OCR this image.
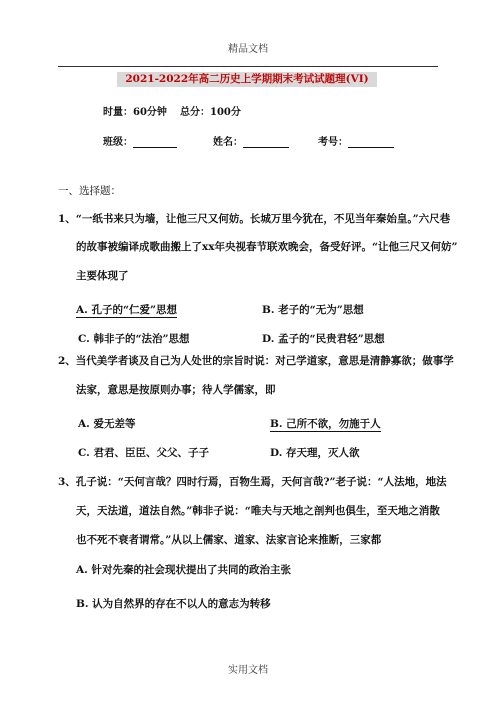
精品文档
2021-2022年高二历史上学期期末考试试题理(VI)
时量：60分钟 总分：100分
班级：	姓名：	考号：
一、选择题：
1、“一纸书来只为墙，让他三尺又何妨。长城万里今犹在，不见当年秦始皇。”六尺巷
的故事被编译成歌曲搬上了xx年央视春节联欢晚会，备受好评。“让他三尺又何妨”
主要体现了
A. 孔子的“仁爱”思想	B. 老子的“无为”思想
C. 韩非子的“法治”思想	D. 孟子的“民贵君轻”思想
2、当代美学者谈及自己为人处世的宗旨时说：对己学道家，意思是清静寡欲；做事学
法家，意思是按原则办事；待人学儒家，即
A. 爱无差等	B. 己所不欲，勿施于人
C. 君君、臣臣、父父、子子	D. 存天理，灭人欲
3、孔子说：“天何言哉？四时行焉，百物生焉，天何言哉?”老子说：“人法地，地法
天，天法道，道法自然。”韩非子说：“唯夫与天地之剖判也俱生，至天地之消散
也不死不衰者谓常。”从以上儒家、道家、法家言论来推断，三家都
A. 针对先秦的社会现状提出了共同的政治主张
B. 认为自然界的存在不以人的意志为转移
实用文档
